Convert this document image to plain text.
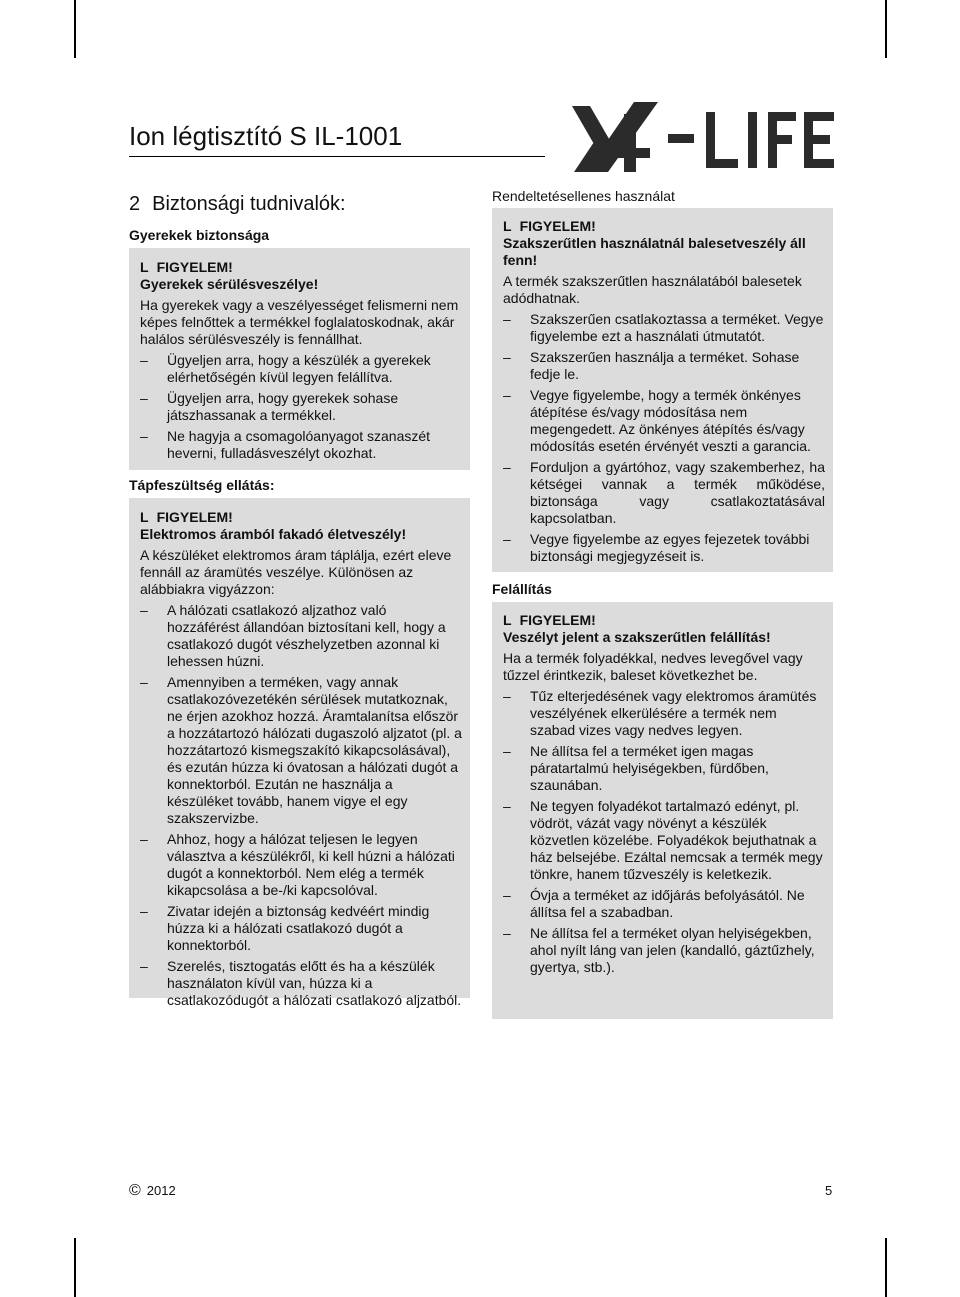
Ion légtisztító S IL-1001
2 Biztonsági tudnivalók:
Gyerekek biztonsága
L FIGYELEM!

Gyerekek sérülésveszélye!

Ha gyerekek vagy a veszélyességet felismerni nem képes felnőttek a termékkel foglalatoskodnak, akár halálos sérülésveszély is fennállhat.

– Ügyeljen arra, hogy a készülék a gyerekek elérhetőségén kívül legyen felállítva.
– Ügyeljen arra, hogy gyerekek sohase játszhassanak a termékkel.
– Ne hagyja a csomagolóanyagot szanaszét heverni, fulladásveszélyt okozhat.
Tápfeszültség ellátás:
L FIGYELEM!

Elektromos áramból fakadó életveszély!

A készüléket elektromos áram táplálja, ezért eleve fennáll az áramütés veszélye. Különösen az alábbiakra vigyázzon:

– A hálózati csatlakozó aljzathoz való hozzáférést állandóan biztosítani kell, hogy a csatlakozó dugót vészhelyzetben azonnal ki lehessen húzni.
– Amennyiben a terméken, vagy annak csatlakozóvezetékén sérülések mutatkoznak, ne érjen azokhoz hozzá. Áramtalanítsa először a hozzátartozó hálózati dugaszoló aljzatot (pl. a hozzátartozó kismegszakító kikapcsolásával), és ezután húzza ki óvatosan a hálózati dugót a konnektorból. Ezután ne használja a készüléket tovább, hanem vigye el egy szakszervizbe.
– Ahhoz, hogy a hálózat teljesen le legyen választva a készülékről, ki kell húzni a hálózati dugót a konnektorból. Nem elég a termék kikapcsolása a be-/ki kapcsolóval.
– Zivatar idején a biztonság kedvéért mindig húzza ki a hálózati csatlakozó dugót a konnektorból.
– Szerelés, tisztogatás előtt és ha a készülék használaton kívül van, húzza ki a csatlakozódugót a hálózati csatlakozó aljzatból.
Rendeltetésellenes használat
L FIGYELEM!

Szakszerűtlen használatnál balesetveszély áll fenn!

A termék szakszerűtlen használatából balesetek adódhatnak.

– Szakszerűen csatlakoztassa a terméket. Vegye figyelembe ezt a használati útmutatót.
– Szakszerűen használja a terméket. Sohase fedje le.
– Vegye figyelembe, hogy a termék önkényes átépítése és/vagy módosítása nem megengedett. Az önkényes átépítés és/vagy módosítás esetén érvényét veszti a garancia.
– Forduljon a gyártóhoz, vagy szakemberhez, ha kétségei vannak a termék működése, biztonsága vagy csatlakoztatásával kapcsolatban.
– Vegye figyelembe az egyes fejezetek további biztonsági megjegyzéseit is.
Felállítás
L FIGYELEM!

Veszélyt jelent a szakszerűtlen felállítás!

Ha a termék folyadékkal, nedves levegővel vagy tűzzel érintkezik, baleset következhet be.

– Tűz elterjedésének vagy elektromos áramütés veszélyének elkerülésére a termék nem szabad vizes vagy nedves legyen.
– Ne állítsa fel a terméket igen magas páratartalmú helyiségekben, fürdőben, szaunában.
– Ne tegyen folyadékot tartalmazó edényt, pl. vödröt, vázát vagy növényt a készülék közvetlen közelébe. Folyadékok bejuthatnak a ház belsejébe. Ezáltal nemcsak a termék megy tönkre, hanem tűzveszély is keletkezik.
– Óvja a terméket az időjárás befolyásától. Ne állítsa fel a szabadban.
– Ne állítsa fel a terméket olyan helyiségekben, ahol nyílt láng van jelen (kandalló, gáztűzhely, gyertya, stb.).
© 2012	5
